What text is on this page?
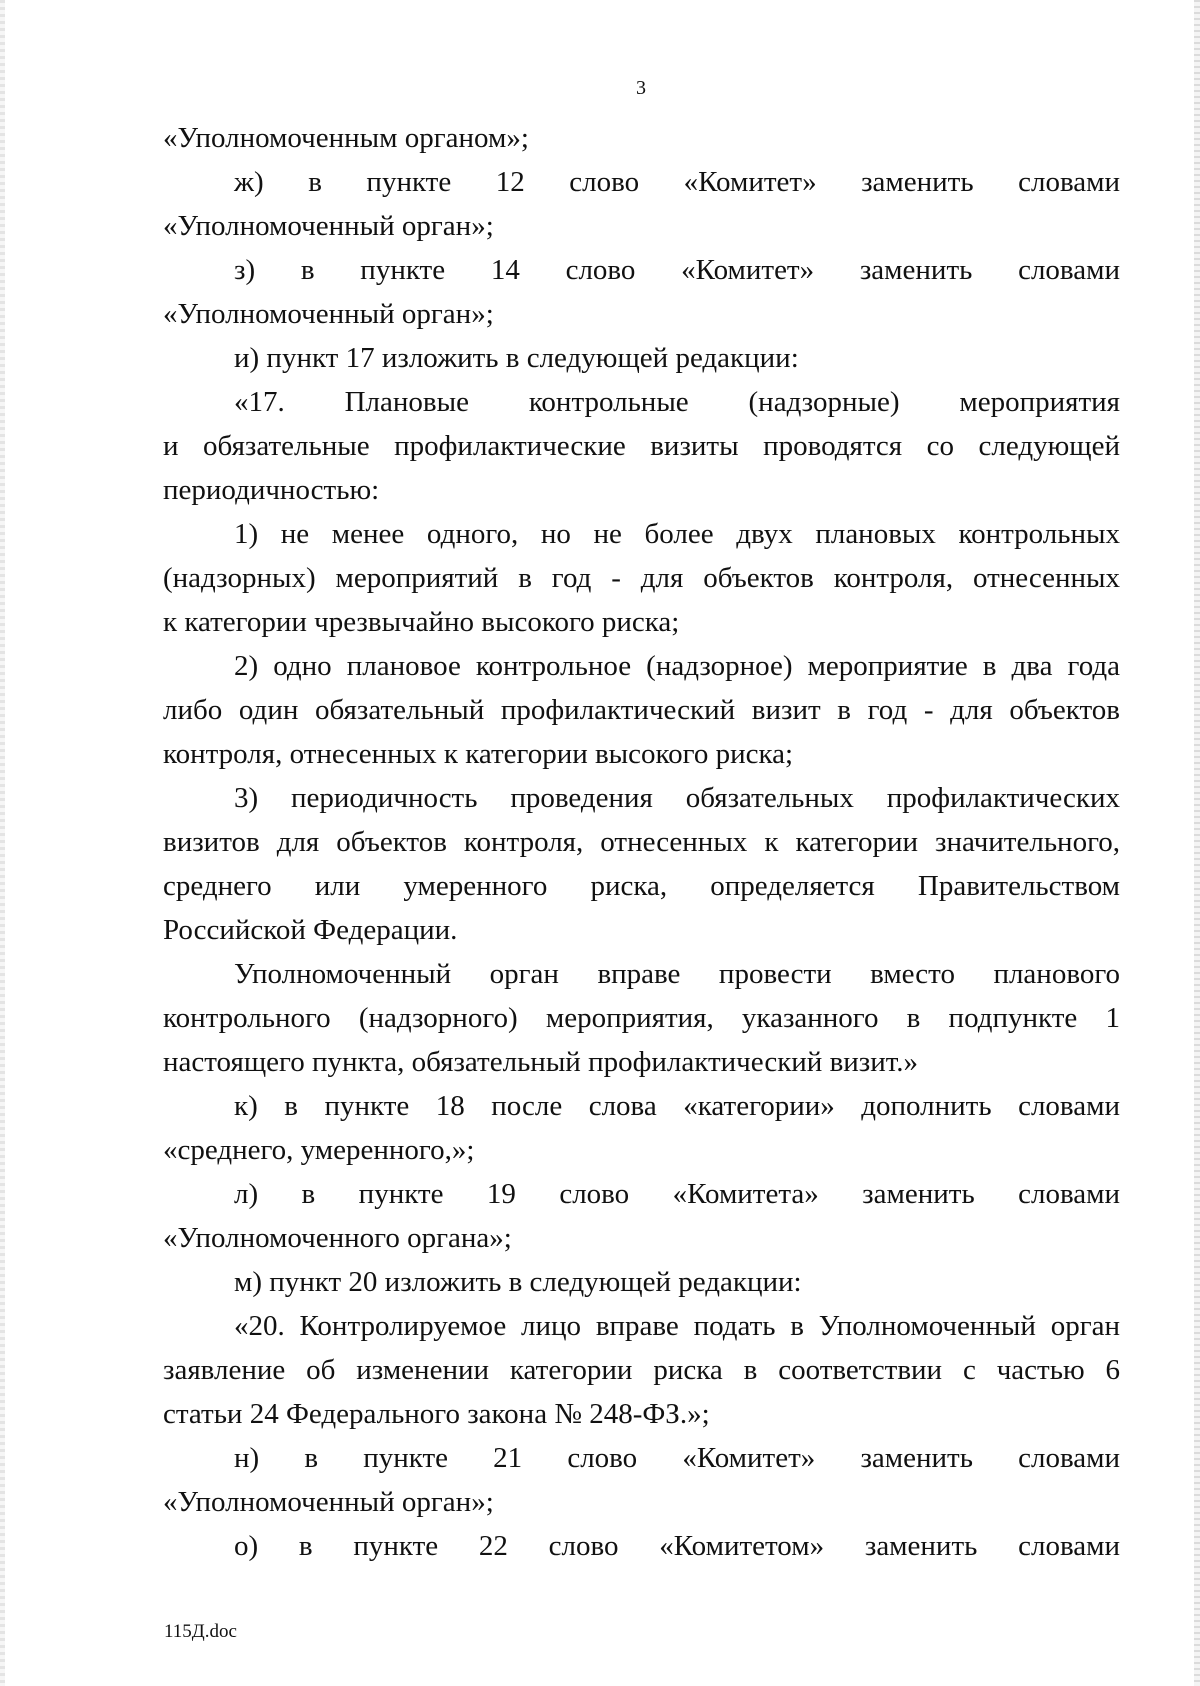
3

«Уполномоченным органом»;

ж) в пункте 12 слово «Комитет» заменить словами

«Уполномоченный орган»;

з) в пункте 14 слово «Комитет» заменить словами

«Уполномоченный орган»;

и) пункт 17 изложить в следующей редакции:

«17. Плановые контрольные (надзорные) мероприятия

и обязательные профилактические визиты проводятся со следующей

периодичностью:

1) не менее одного, но не более двух плановых контрольных

(надзорных) мероприятий в год - для объектов контроля, отнесенных

к категории чрезвычайно высокого риска;

2) одно плановое контрольное (надзорное) мероприятие в два года

либо один обязательный профилактический визит в год - для объектов

контроля, отнесенных к категории высокого риска;

3) периодичность проведения обязательных профилактических

визитов для объектов контроля, отнесенных к категории значительного,

среднего или умеренного риска, определяется Правительством

Российской Федерации.

Уполномоченный орган вправе провести вместо планового

контрольного (надзорного) мероприятия, указанного в подпункте 1

настоящего пункта, обязательный профилактический визит.»

к) в пункте 18 после слова «категории» дополнить словами

«среднего, умеренного,»;

л) в пункте 19 слово «Комитета» заменить словами

«Уполномоченного органа»;

м) пункт 20 изложить в следующей редакции:

«20. Контролируемое лицо вправе подать в Уполномоченный орган

заявление об изменении категории риска в соответствии с частью 6

статьи 24 Федерального закона № 248-ФЗ.»;

н) в пункте 21 слово «Комитет» заменить словами

«Уполномоченный орган»;

о) в пункте 22 слово «Комитетом» заменить словами

115Д.doc
